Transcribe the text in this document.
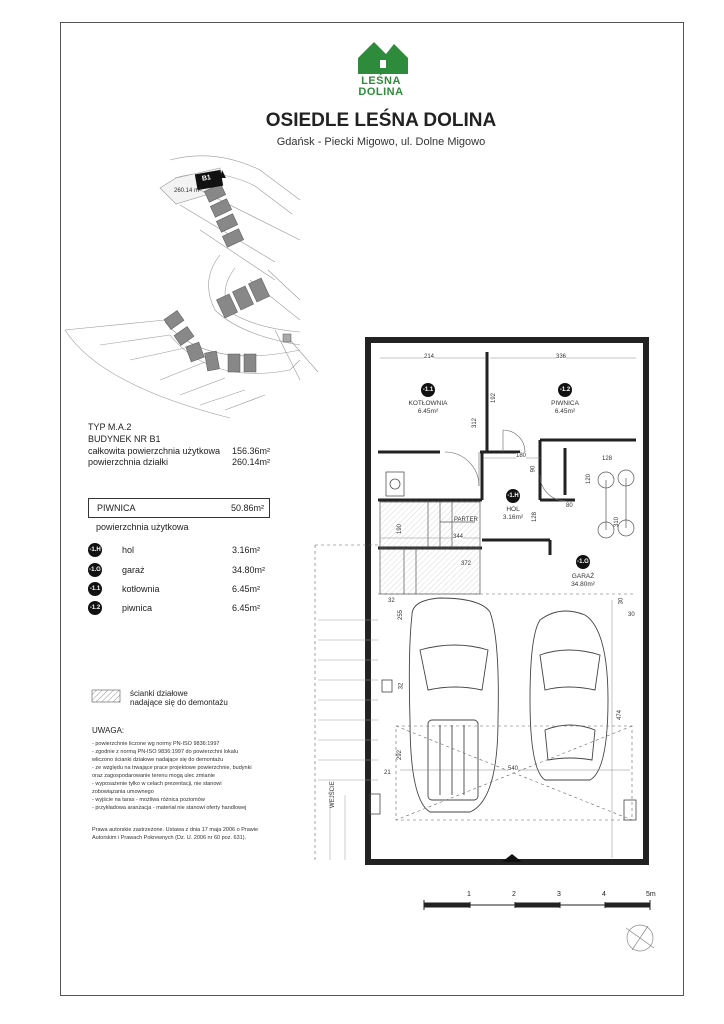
LEŚNA
DOLINA
OSIEDLE LEŚNA DOLINA
Gdańsk - Piecki Migowo, ul. Dolne Migowo
B1
260.14 m²
TYP M.A.2
BUDYNEK NR B1
całkowita powierzchnia użytkowa 156.36m²
powierzchnia działki	260.14m²
PIWNICA	50.86m²
powierzchnia użytkowa
-1.H hol	3.16m²
-1.G garaż	34.80m²
-1.1 kotłownia	6.45m²
-1.2 piwnica	6.45m²
ścianki działowe
nadające się do demontażu
UWAGA:
- powierzchnie liczone wg normy PN-ISO 9836:1997
- zgodnie z normą PN-ISO 9836:1997 do powierzchni lokalu
wliczono ścianki działowe nadające się do demontażu
- ze względu na trwające prace projektowe powierzchnie, budynki
oraz zagospodarowanie terenu mogą ulec zmianie
- wyposażenie tylko w celach prezentacji, nie stanowi
zobowiązania umownego
- wyjście na taras - możliwa różnica poziomów
- przykładowa aranżacja - materiał nie stanowi oferty handlowej
Prawa autorskie zastrzeżone. Ustawa z dnia 17 maja 2006 o Prawie
Autorskim i Prawach Pokrewnych (Dz. U. 2006 nr 60 poz. 631).
-1.1
KOTŁOWNIA
6.45m²
-1.2
PIWNICA
6.45m²
-1.H
HOL
3.16m²
-1.G
GARAŻ
34.80m²
PARTER
WEJŚCIE
214	336
312
192
180
90
128
120
80
128
190
344
372
255
32
32
30
30
474
292
540
21
310
1	2	3	4	5m
